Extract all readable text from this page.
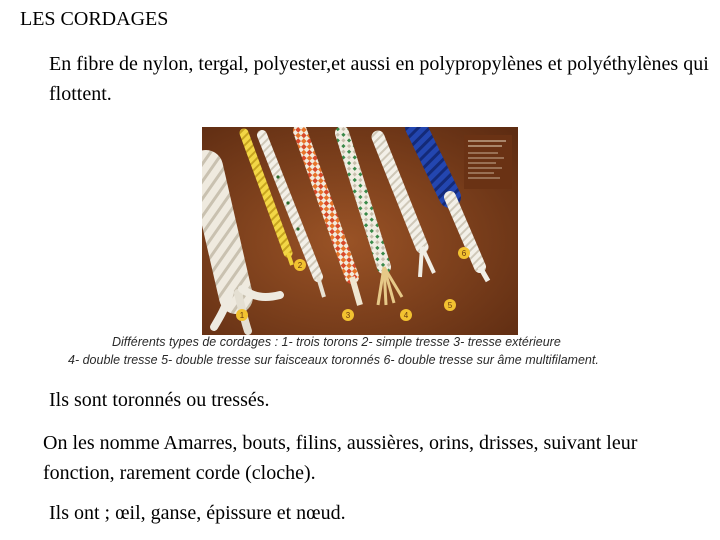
LES CORDAGES
En fibre de nylon, tergal, polyester,et aussi en polypropylènes et polyéthylènes qui flottent.
1
2
3	4
5
6
Différents types de cordages : 1- trois torons 2- simple tresse 3- tresse extérieure
4- double tresse 5- double tresse sur faisceaux toronnés 6- double tresse sur âme multifilament.
Ils sont toronnés ou tressés.
On les nomme Amarres, bouts, filins, aussières, orins, drisses, suivant leur fonction, rarement corde (cloche).
Ils ont ; œil, ganse, épissure et nœud.
